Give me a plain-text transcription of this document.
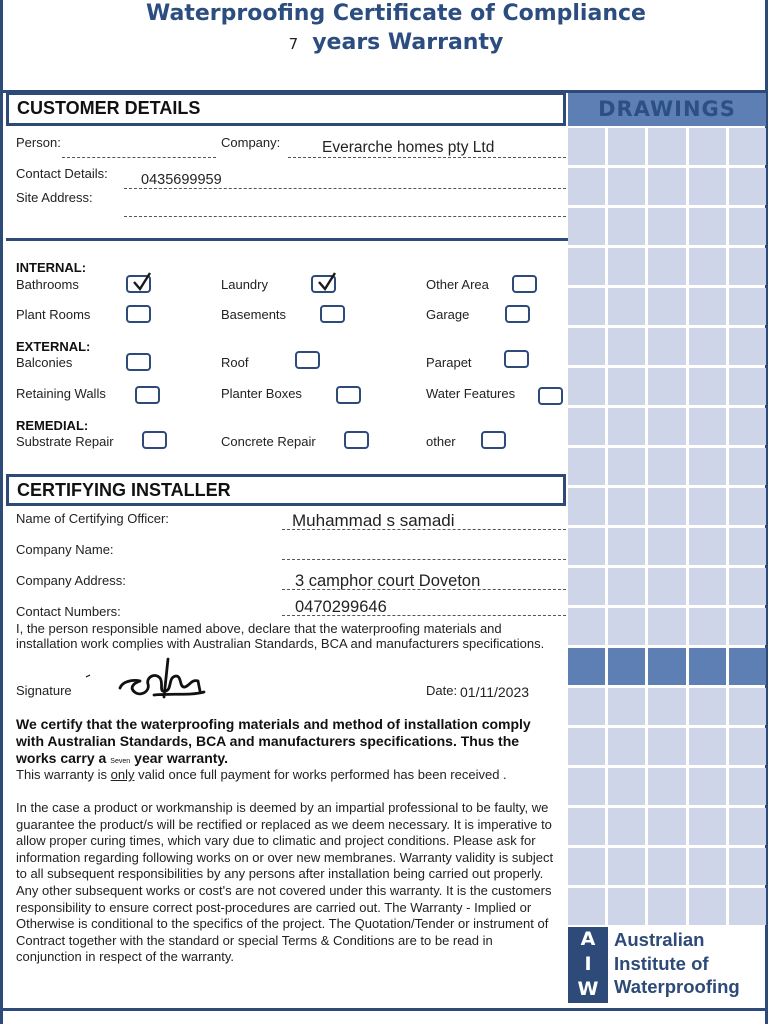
Waterproofing Certificate of Compliance
7 years Warranty
CUSTOMER DETAILS	DRAWINGS
Person:	Company:	Everarche homes pty Ltd
Contact Details: 0435699959
Site Address:
INTERNAL:
EXTERNAL:
REMEDIAL:
Bathrooms	Laundry	Other Area
Plant Rooms	Basements	Garage
Balconies	Roof	Parapet
Retaining Walls	Planter Boxes	Water Features
Substrate Repair	Concrete Repair	other
CERTIFYING INSTALLER
Name of Certifying Officer:	Muhammad s samadi
Company Name:
Company Address:	3 camphor court Doveton
Contact Numbers:	0470299646
I, the person responsible named above, declare that the waterproofing materials and installation work complies with Australian Standards, BCA and manufacturers specifications.
Signature	Date: 01/11/2023
We certify that the waterproofing materials and method of installation comply with Australian Standards, BCA and manufacturers specifications. Thus the works carry a Seven year warranty.
This warranty is only valid once full payment for works performed has been received .
In the case a product or workmanship is deemed by an impartial professional to be faulty, we guarantee the product/s will be rectified or replaced as we deem necessary. It is imperative to allow proper curing times, which vary due to climatic and project conditions. Please ask for information regarding following works on or over new membranes. Warranty validity is subject to all subsequent responsibilities by any persons after installation being carried out properly. Any other subsequent works or cost's are not covered under this warranty. It is the customers responsibility to ensure correct post-procedures are carried out. The Warranty - Implied or Otherwise is conditional to the specifics of the project. The Quotation/Tender or instrument of Contract together with the standard or special Terms & Conditions are to be read in conjunction in respect of the warranty.
A
I
W
Australian
Institute of
Waterproofing
